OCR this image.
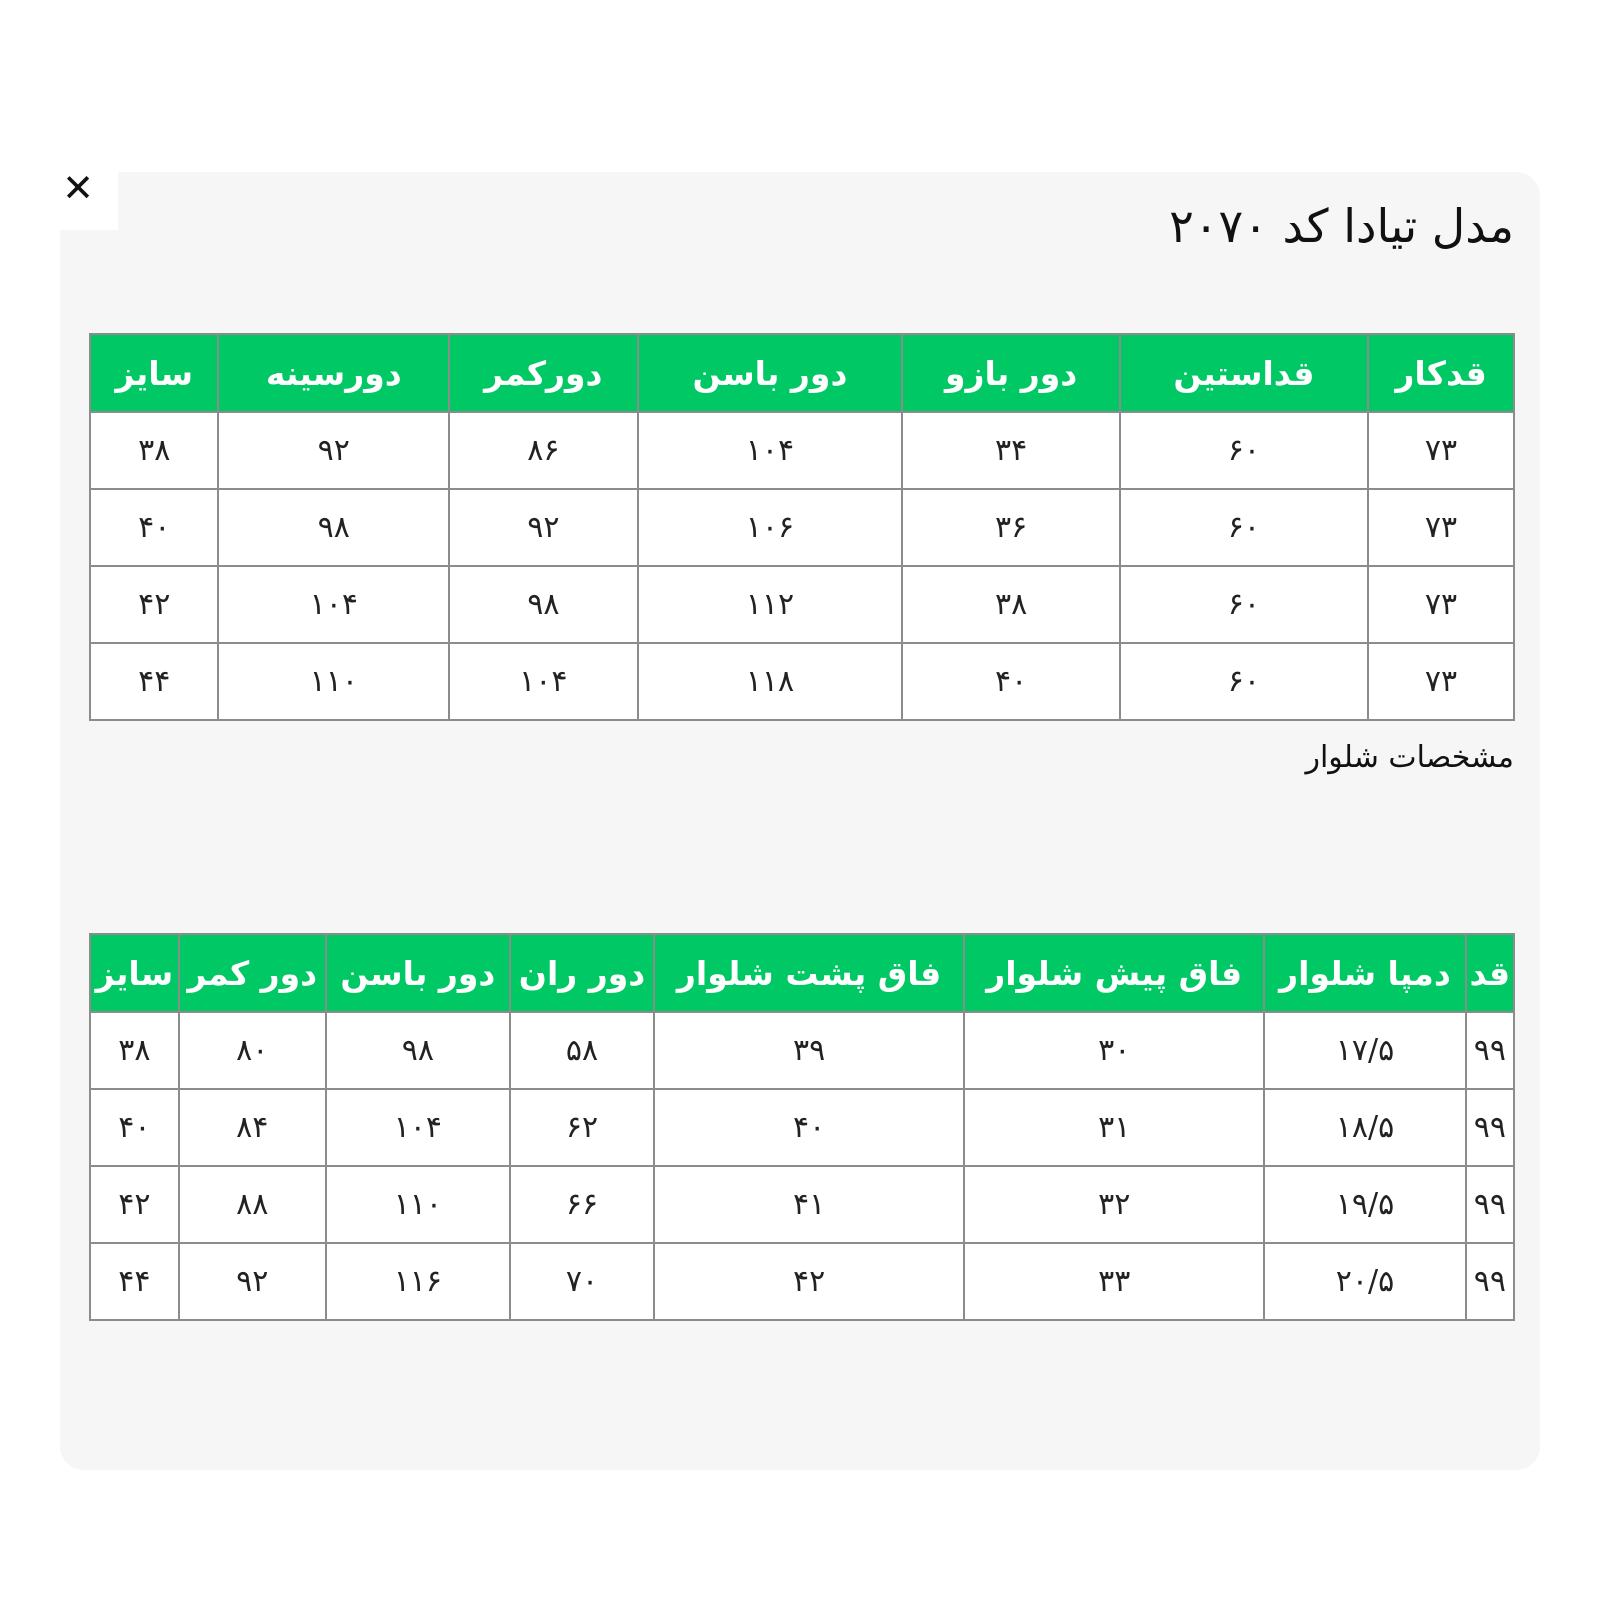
✕
مدل تیادا کد ۲۰۷۰
قدکار	قداستین	دور بازو	دور باسن	دورکمر	دورسینه	سایز
۷۳	۶۰	۳۴	۱۰۴	۸۶	۹۲	۳۸
۷۳	۶۰	۳۶	۱۰۶	۹۲	۹۸	۴۰
۷۳	۶۰	۳۸	۱۱۲	۹۸	۱۰۴	۴۲
۷۳	۶۰	۴۰	۱۱۸	۱۰۴	۱۱۰	۴۴
مشخصات شلوار
قد	دمپا شلوار	فاق پیش شلوار	فاق پشت شلوار	دور ران	دور باسن	دور کمر	سایز
۹۹	۱۷/۵	۳۰	۳۹	۵۸	۹۸	۸۰	۳۸
۹۹	۱۸/۵	۳۱	۴۰	۶۲	۱۰۴	۸۴	۴۰
۹۹	۱۹/۵	۳۲	۴۱	۶۶	۱۱۰	۸۸	۴۲
۹۹	۲۰/۵	۳۳	۴۲	۷۰	۱۱۶	۹۲	۴۴
